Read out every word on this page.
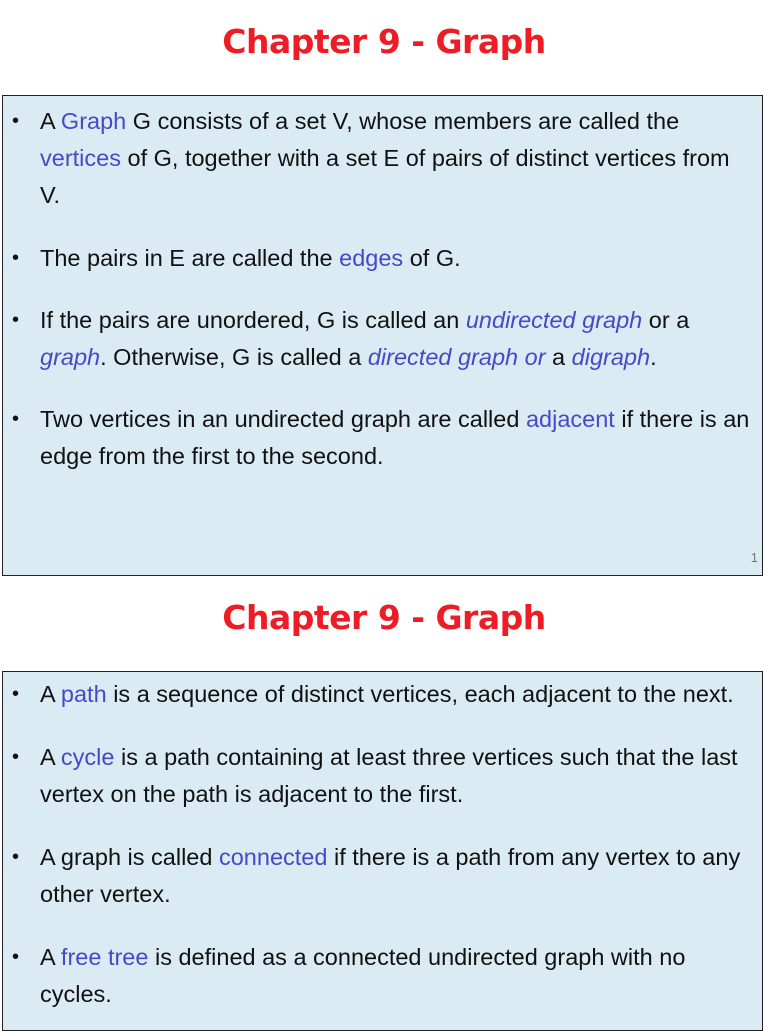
Chapter 9 - Graph
• A Graph G consists of a set V, whose members are called the vertices of G, together with a set E of pairs of distinct vertices from V.
• The pairs in E are called the edges of G.
• If the pairs are unordered, G is called an undirected graph or a graph. Otherwise, G is called a directed graph or a digraph.
• Two vertices in an undirected graph are called adjacent if there is an edge from the first to the second.
1
Chapter 9 - Graph
• A path is a sequence of distinct vertices, each adjacent to the next.
• A cycle is a path containing at least three vertices such that the last vertex on the path is adjacent to the first.
• A graph is called connected if there is a path from any vertex to any other vertex.
• A free tree is defined as a connected undirected graph with no cycles.
